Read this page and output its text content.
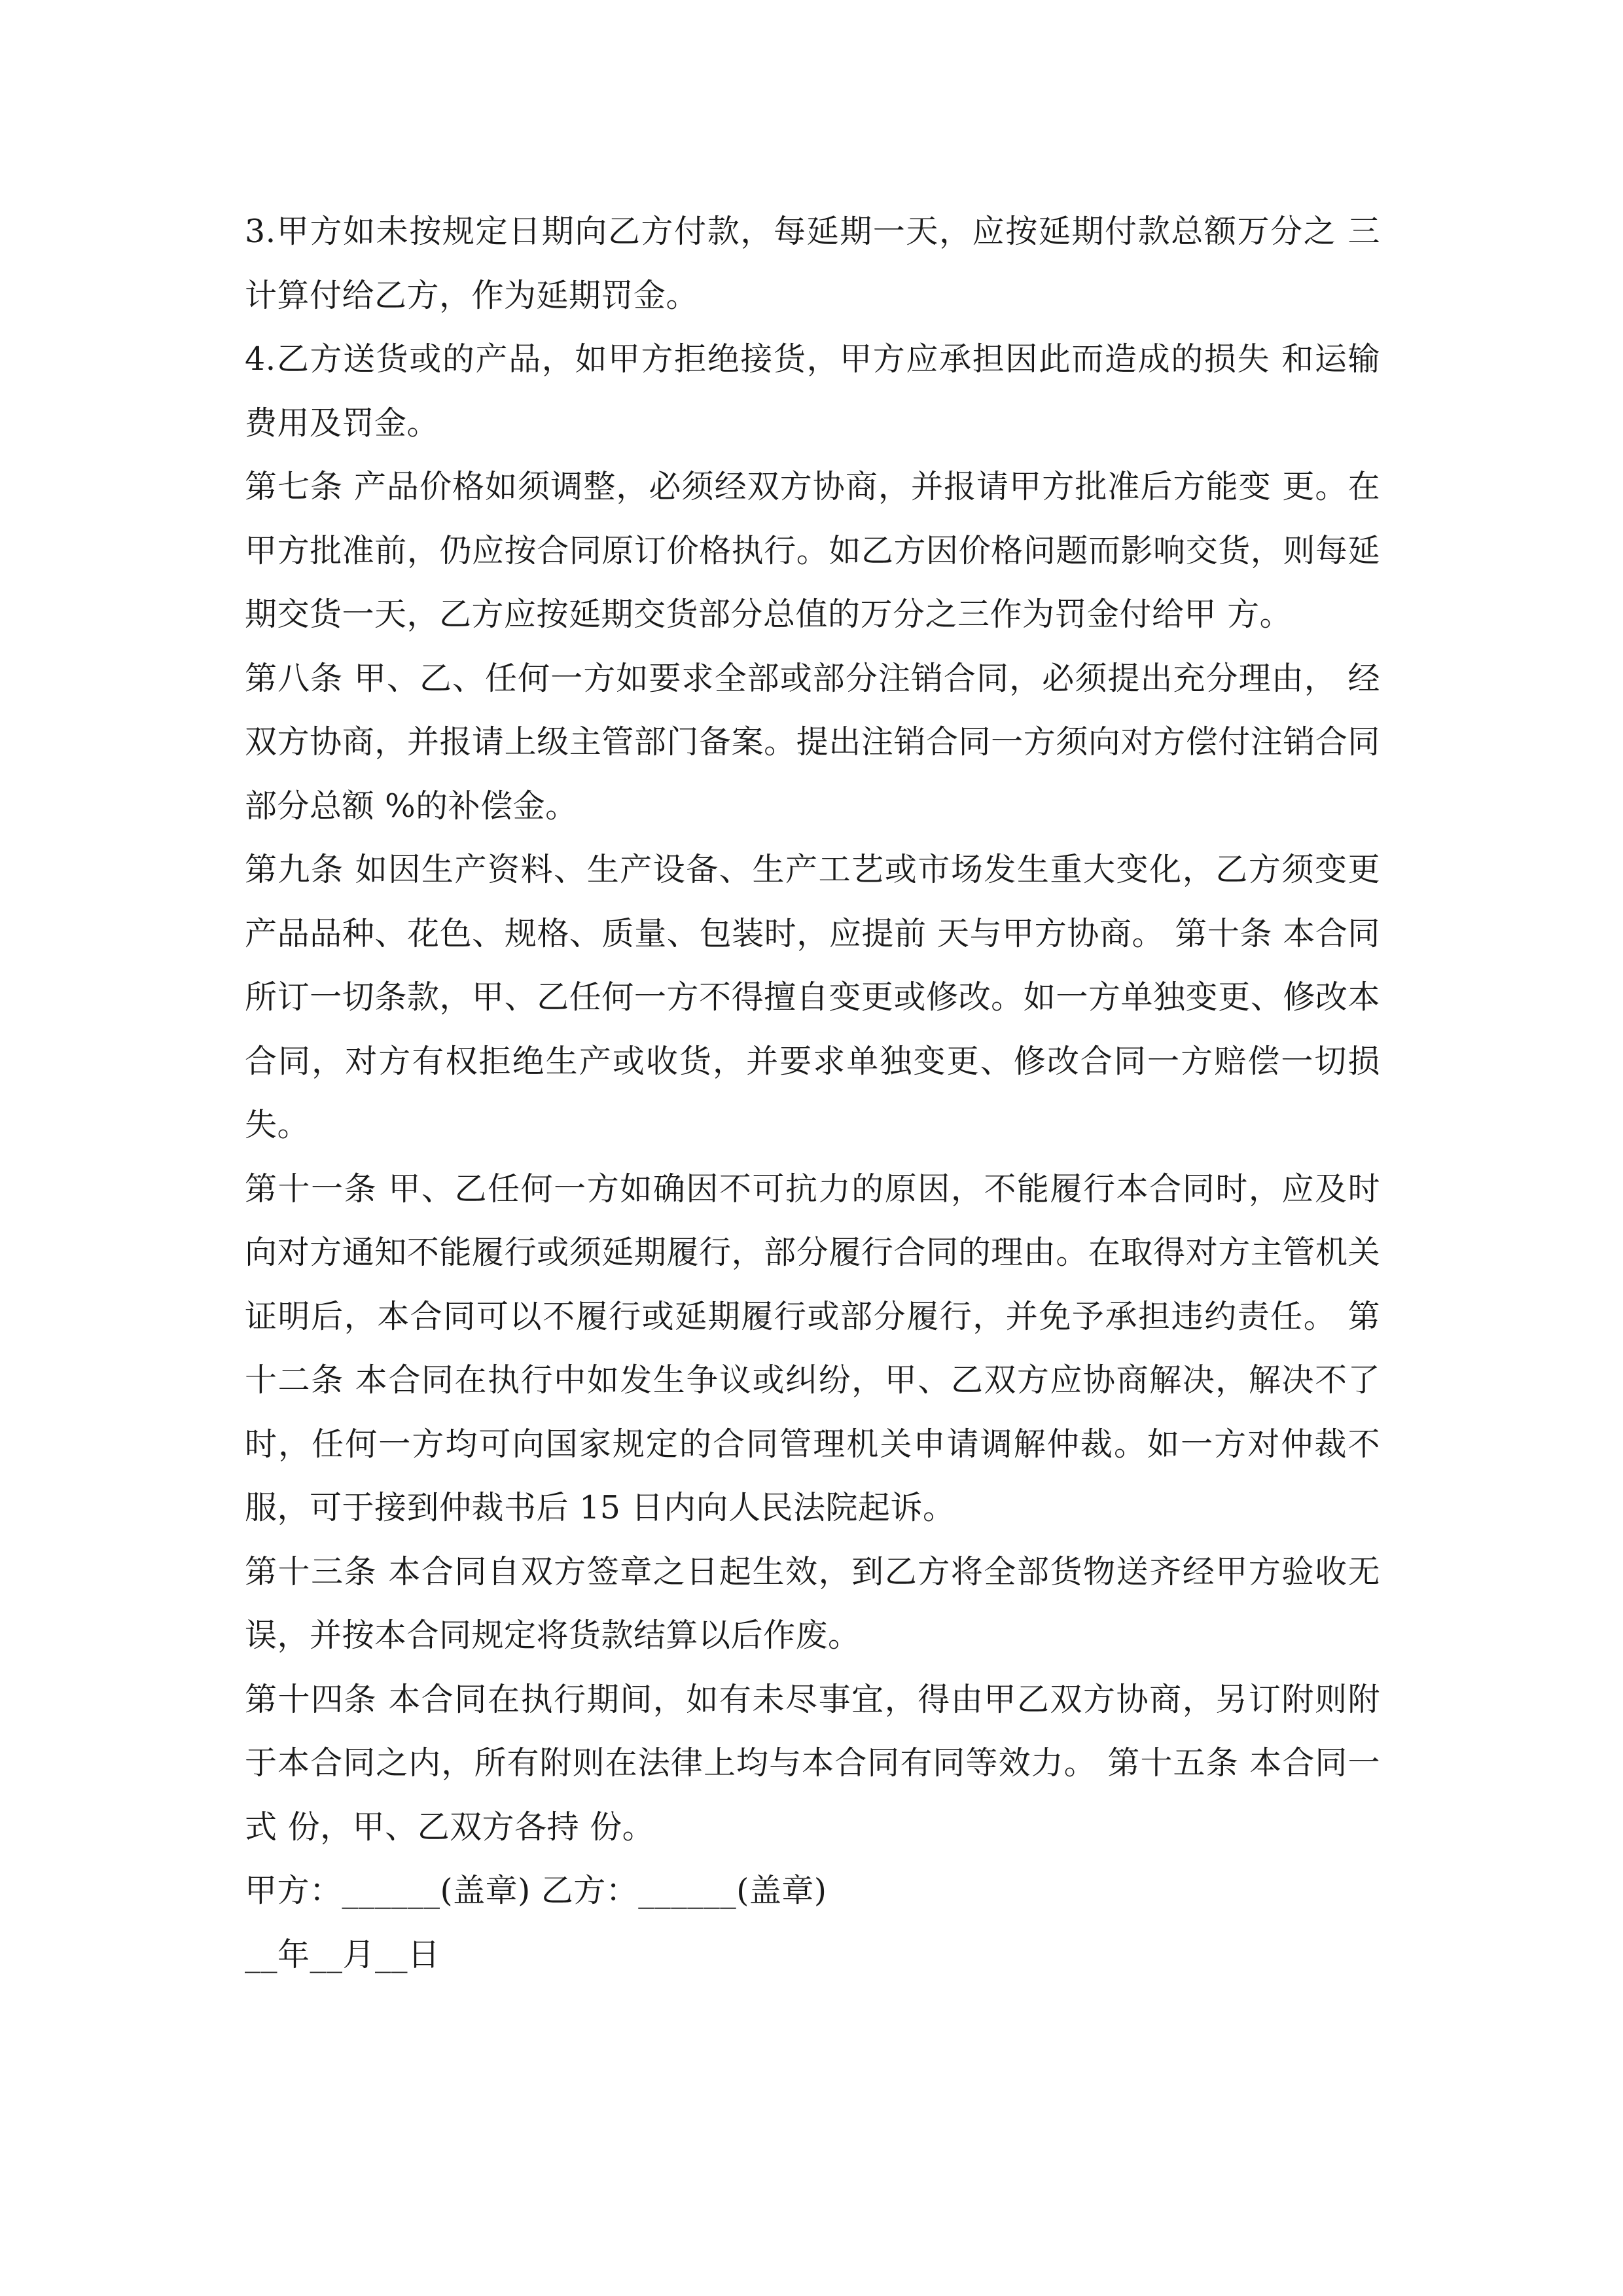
3.甲方如未按规定日期向乙方付款，每延期一天，应按延期付款总额万分之 三计算付给乙方，作为延期罚金。

4.乙方送货或的产品，如甲方拒绝接货，甲方应承担因此而造成的损失 和运输费用及罚金。

第七条 产品价格如须调整，必须经双方协商，并报请甲方批准后方能变 更。在甲方批准前，仍应按合同原订价格执行。如乙方因价格问题而影响交货，则每延期交货一天，乙方应按延期交货部分总值的万分之三作为罚金付给甲 方。

第八条 甲、乙、任何一方如要求全部或部分注销合同，必须提出充分理由， 经双方协商，并报请上级主管部门备案。提出注销合同一方须向对方偿付注销合同部分总额 %的补偿金。

第九条 如因生产资料、生产设备、生产工艺或市场发生重大变化，乙方须变更产品品种、花色、规格、质量、包装时，应提前 天与甲方协商。 第十条 本合同所订一切条款，甲、乙任何一方不得擅自变更或修改。如一方单独变更、修改本合同，对方有权拒绝生产或收货，并要求单独变更、修改合同一方赔偿一切损失。

第十一条 甲、乙任何一方如确因不可抗力的原因，不能履行本合同时，应及时向对方通知不能履行或须延期履行，部分履行合同的理由。在取得对方主管机关证明后，本合同可以不履行或延期履行或部分履行，并免予承担违约责任。 第十二条 本合同在执行中如发生争议或纠纷，甲、乙双方应协商解决，解决不了时，任何一方均可向国家规定的合同管理机关申请调解仲裁。如一方对仲裁不服，可于接到仲裁书后 15 日内向人民法院起诉。

第十三条 本合同自双方签章之日起生效，到乙方将全部货物送齐经甲方验收无误，并按本合同规定将货款结算以后作废。

第十四条 本合同在执行期间，如有未尽事宜，得由甲乙双方协商，另订附则附于本合同之内，所有附则在法律上均与本合同有同等效力。 第十五条 本合同一式 份，甲、乙双方各持 份。

甲方：______(盖章) 乙方：______(盖章)

__年__月__日
